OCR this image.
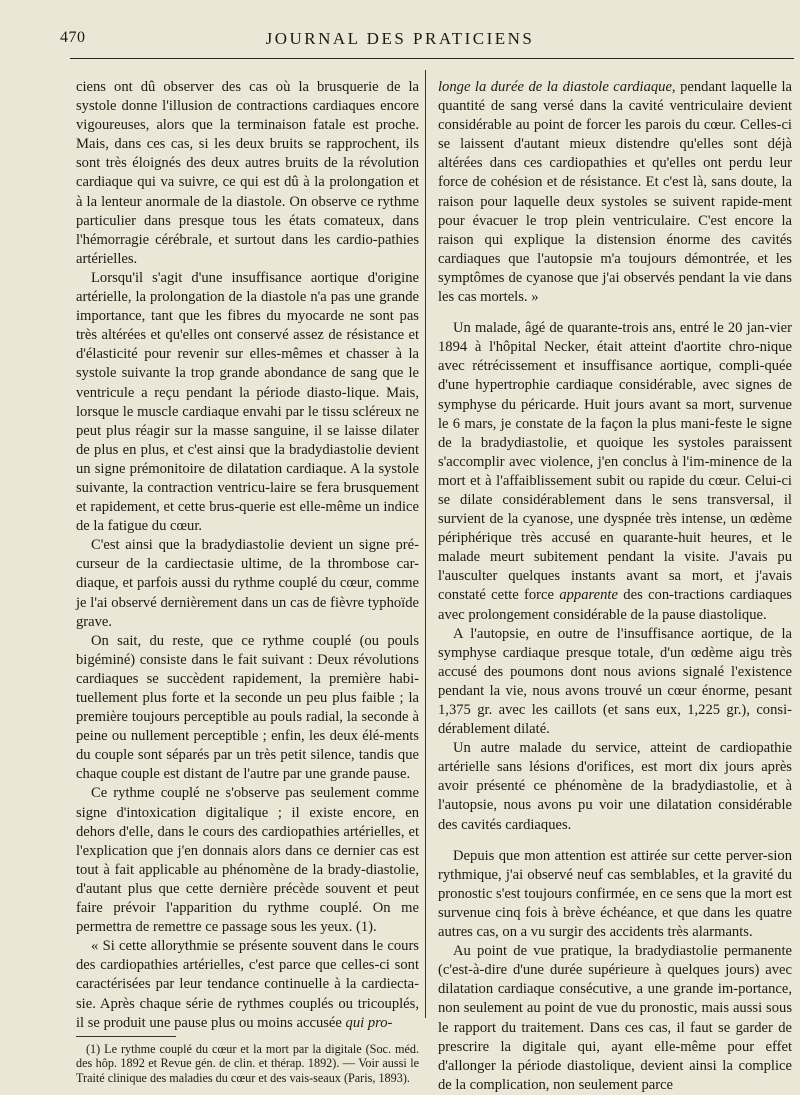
470	JOURNAL DES PRATICIENS

ciens ont dû observer des cas où la brusquerie de la systole donne l'illusion de contractions cardiaques encore vigoureuses, alors que la terminaison fatale est proche. Mais, dans ces cas, si les deux bruits se rapprochent, ils sont très éloignés des deux autres bruits de la révolution cardiaque qui va suivre, ce qui est dû à la prolongation et à la lenteur anormale de la diastole. On observe ce rythme particulier dans presque tous les états comateux, dans l'hémorragie cérébrale, et surtout dans les cardio-pathies artérielles.

Lorsqu'il s'agit d'une insuffisance aortique d'origine artérielle, la prolongation de la diastole n'a pas une grande importance, tant que les fibres du myocarde ne sont pas très altérées et qu'elles ont conservé assez de résistance et d'élasticité pour revenir sur elles-mêmes et chasser à la systole suivante la trop grande abondance de sang que le ventricule a reçu pendant la période diasto-lique. Mais, lorsque le muscle cardiaque envahi par le tissu scléreux ne peut plus réagir sur la masse sanguine, il se laisse dilater de plus en plus, et c'est ainsi que la bradydiastolie devient un signe prémonitoire de dilatation cardiaque. A la systole suivante, la contraction ventricu-laire se fera brusquement et rapidement, et cette brus-querie est elle-même un indice de la fatigue du cœur.

C'est ainsi que la bradydiastolie devient un signe pré-curseur de la cardiectasie ultime, de la thrombose car-diaque, et parfois aussi du rythme couplé du cœur, comme je l'ai observé dernièrement dans un cas de fièvre typhoïde grave.

On sait, du reste, que ce rythme couplé (ou pouls bigéminé) consiste dans le fait suivant : Deux révolutions cardiaques se succèdent rapidement, la première habi-tuellement plus forte et la seconde un peu plus faible ; la première toujours perceptible au pouls radial, la seconde à peine ou nullement perceptible ; enfin, les deux élé-ments du couple sont séparés par un très petit silence, tandis que chaque couple est distant de l'autre par une grande pause.

Ce rythme couplé ne s'observe pas seulement comme signe d'intoxication digitalique ; il existe encore, en dehors d'elle, dans le cours des cardiopathies artérielles, et l'explication que j'en donnais alors dans ce dernier cas est tout à fait applicable au phénomène de la brady-diastolie, d'autant plus que cette dernière précède souvent et peut faire prévoir l'apparition du rythme couplé. On me permettra de remettre ce passage sous les yeux. (1).

« Si cette allorythmie se présente souvent dans le cours des cardiopathies artérielles, c'est parce que celles-ci sont caractérisées par leur tendance continuelle à la cardiecta-sie. Après chaque série de rythmes couplés ou tricouplés, il se produit une pause plus ou moins accusée qui pro-

(1) Le rythme couplé du cœur et la mort par la digitale (Soc. méd. des hôp. 1892 et Revue gén. de clin. et thérap. 1892). — Voir aussi le Traité clinique des maladies du cœur et des vais-seaux (Paris, 1893).

longe la durée de la diastole cardiaque, pendant laquelle la quantité de sang versé dans la cavité ventriculaire devient considérable au point de forcer les parois du cœur. Celles-ci se laissent d'autant mieux distendre qu'elles sont déjà altérées dans ces cardiopathies et qu'elles ont perdu leur force de cohésion et de résistance. Et c'est là, sans doute, la raison pour laquelle deux systoles se suivent rapide-ment pour évacuer le trop plein ventriculaire. C'est encore la raison qui explique la distension énorme des cavités cardiaques que l'autopsie m'a toujours démontrée, et les symptômes de cyanose que j'ai observés pendant la vie dans les cas mortels. »

Un malade, âgé de quarante-trois ans, entré le 20 jan-vier 1894 à l'hôpital Necker, était atteint d'aortite chro-nique avec rétrécissement et insuffisance aortique, compli-quée d'une hypertrophie cardiaque considérable, avec signes de symphyse du péricarde. Huit jours avant sa mort, survenue le 6 mars, je constate de la façon la plus mani-feste le signe de la bradydiastolie, et quoique les systoles paraissent s'accomplir avec violence, j'en conclus à l'im-minence de la mort et à l'affaiblissement subit ou rapide du cœur. Celui-ci se dilate considérablement dans le sens transversal, il survient de la cyanose, une dyspnée très intense, un œdème périphérique très accusé en quarante-huit heures, et le malade meurt subitement pendant la visite. J'avais pu l'ausculter quelques instants avant sa mort, et j'avais constaté cette force apparente des con-tractions cardiaques avec prolongement considérable de la pause diastolique.

A l'autopsie, en outre de l'insuffisance aortique, de la symphyse cardiaque presque totale, d'un œdème aigu très accusé des poumons dont nous avions signalé l'existence pendant la vie, nous avons trouvé un cœur énorme, pesant 1,375 gr. avec les caillots (et sans eux, 1,225 gr.), consi-dérablement dilaté.

Un autre malade du service, atteint de cardiopathie artérielle sans lésions d'orifices, est mort dix jours après avoir présenté ce phénomène de la bradydiastolie, et à l'autopsie, nous avons pu voir une dilatation considérable des cavités cardiaques.

Depuis que mon attention est attirée sur cette perver-sion rythmique, j'ai observé neuf cas semblables, et la gravité du pronostic s'est toujours confirmée, en ce sens que la mort est survenue cinq fois à brève échéance, et que dans les quatre autres cas, on a vu surgir des accidents très alarmants.

Au point de vue pratique, la bradydiastolie permanente (c'est-à-dire d'une durée supérieure à quelques jours) avec dilatation cardiaque consécutive, a une grande im-portance, non seulement au point de vue du pronostic, mais aussi sous le rapport du traitement. Dans ces cas, il faut se garder de prescrire la digitale qui, ayant elle-même pour effet d'allonger la période diastolique, devient ainsi la complice de la complication, non seulement parce
